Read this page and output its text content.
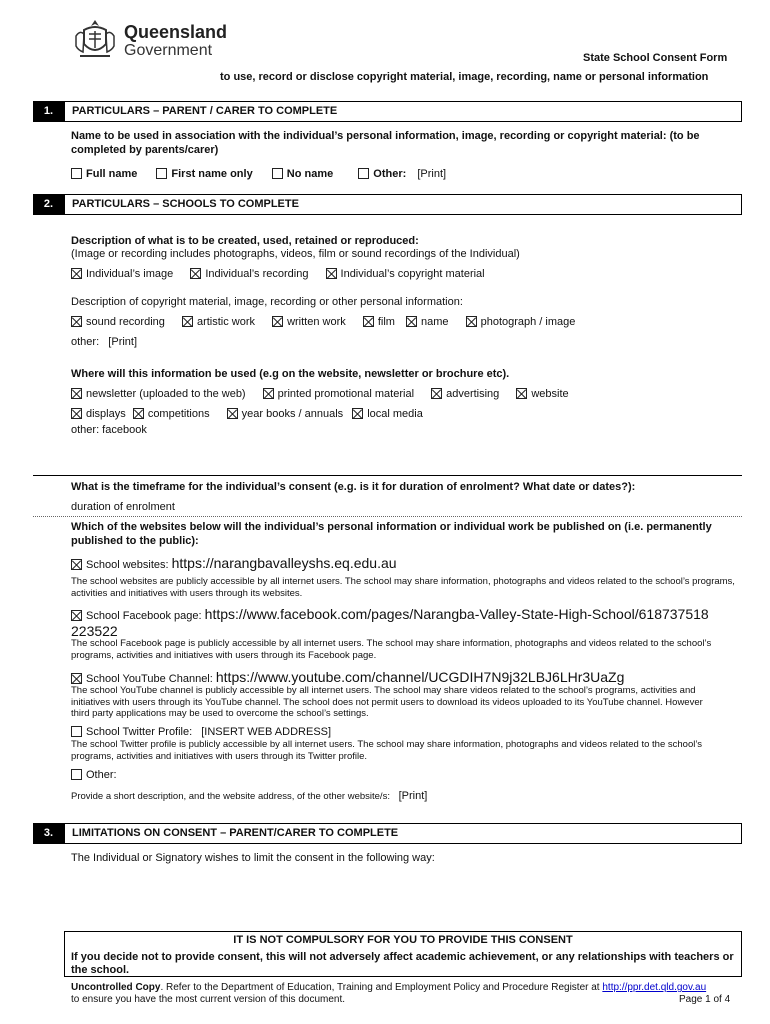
Queensland
Government	State School Consent Form
to use, record or disclose copyright material, image, recording, name or personal information
1.	PARTICULARS – PARENT / CARER TO COMPLETE
Name to be used in association with the individual’s personal information, image, recording or copyright material: (to be completed by parents/carer)
Full name	First name only	No name	Other: [Print]
2.	PARTICULARS – SCHOOLS TO COMPLETE
Description of what is to be created, used, retained or reproduced:
(Image or recording includes photographs, videos, film or sound recordings of the Individual)
Individual’s image	Individual’s recording	Individual’s copyright material
Description of copyright material, image, recording or other personal information:
sound recording	artistic work	written work	film name	photograph / image
other:   [Print]
Where will this information be used (e.g on the website, newsletter or brochure etc).
newsletter (uploaded to the web)	printed promotional material	advertising	website
displays competitions	year books / annuals local media
other: facebook
What is the timeframe for the individual’s consent (e.g. is it for duration of enrolment? What date or dates?):
duration of enrolment
Which of the websites below will the individual’s personal information or individual work be published on (i.e. permanently published to the public):
School websites: https://narangbavalleyshs.eq.edu.au
The school websites are publicly accessible by all internet users. The school may share information, photographs and videos related to the school’s programs, activities and initiatives with users through its websites.
School Facebook page: https://www.facebook.com/pages/Narangba-Valley-State-High-School/618737518223522
The school Facebook page is publicly accessible by all internet users. The school may share information, photographs and videos related to the school’s programs, activities and initiatives with users through its Facebook page.
School YouTube Channel: https://www.youtube.com/channel/UCGDIH7N9j32LBJ6LHr3UaZg
The school YouTube channel is publicly accessible by all internet users. The school may share videos related to the school’s programs, activities and initiatives with users through its YouTube channel. The school does not permit users to download its videos uploaded to its YouTube channel. However third party applications may be used to overcome the school’s settings.
School Twitter Profile: [INSERT WEB ADDRESS]
The school Twitter profile is publicly accessible by all internet users. The school may share information, photographs and videos related to the school’s programs, activities and initiatives with users through its Twitter profile.
Other:
Provide a short description, and the website address, of the other website/s: [Print]
3.	LIMITATIONS ON CONSENT – PARENT/CARER TO COMPLETE
The Individual or Signatory wishes to limit the consent in the following way:
IT IS NOT COMPULSORY FOR YOU TO PROVIDE THIS CONSENT
If you decide not to provide consent, this will not adversely affect academic achievement, or any relationships with teachers or the school.
Uncontrolled Copy. Refer to the Department of Education, Training and Employment Policy and Procedure Register at http://ppr.det.qld.gov.au
to ensure you have the most current version of this document.	Page 1 of 4
